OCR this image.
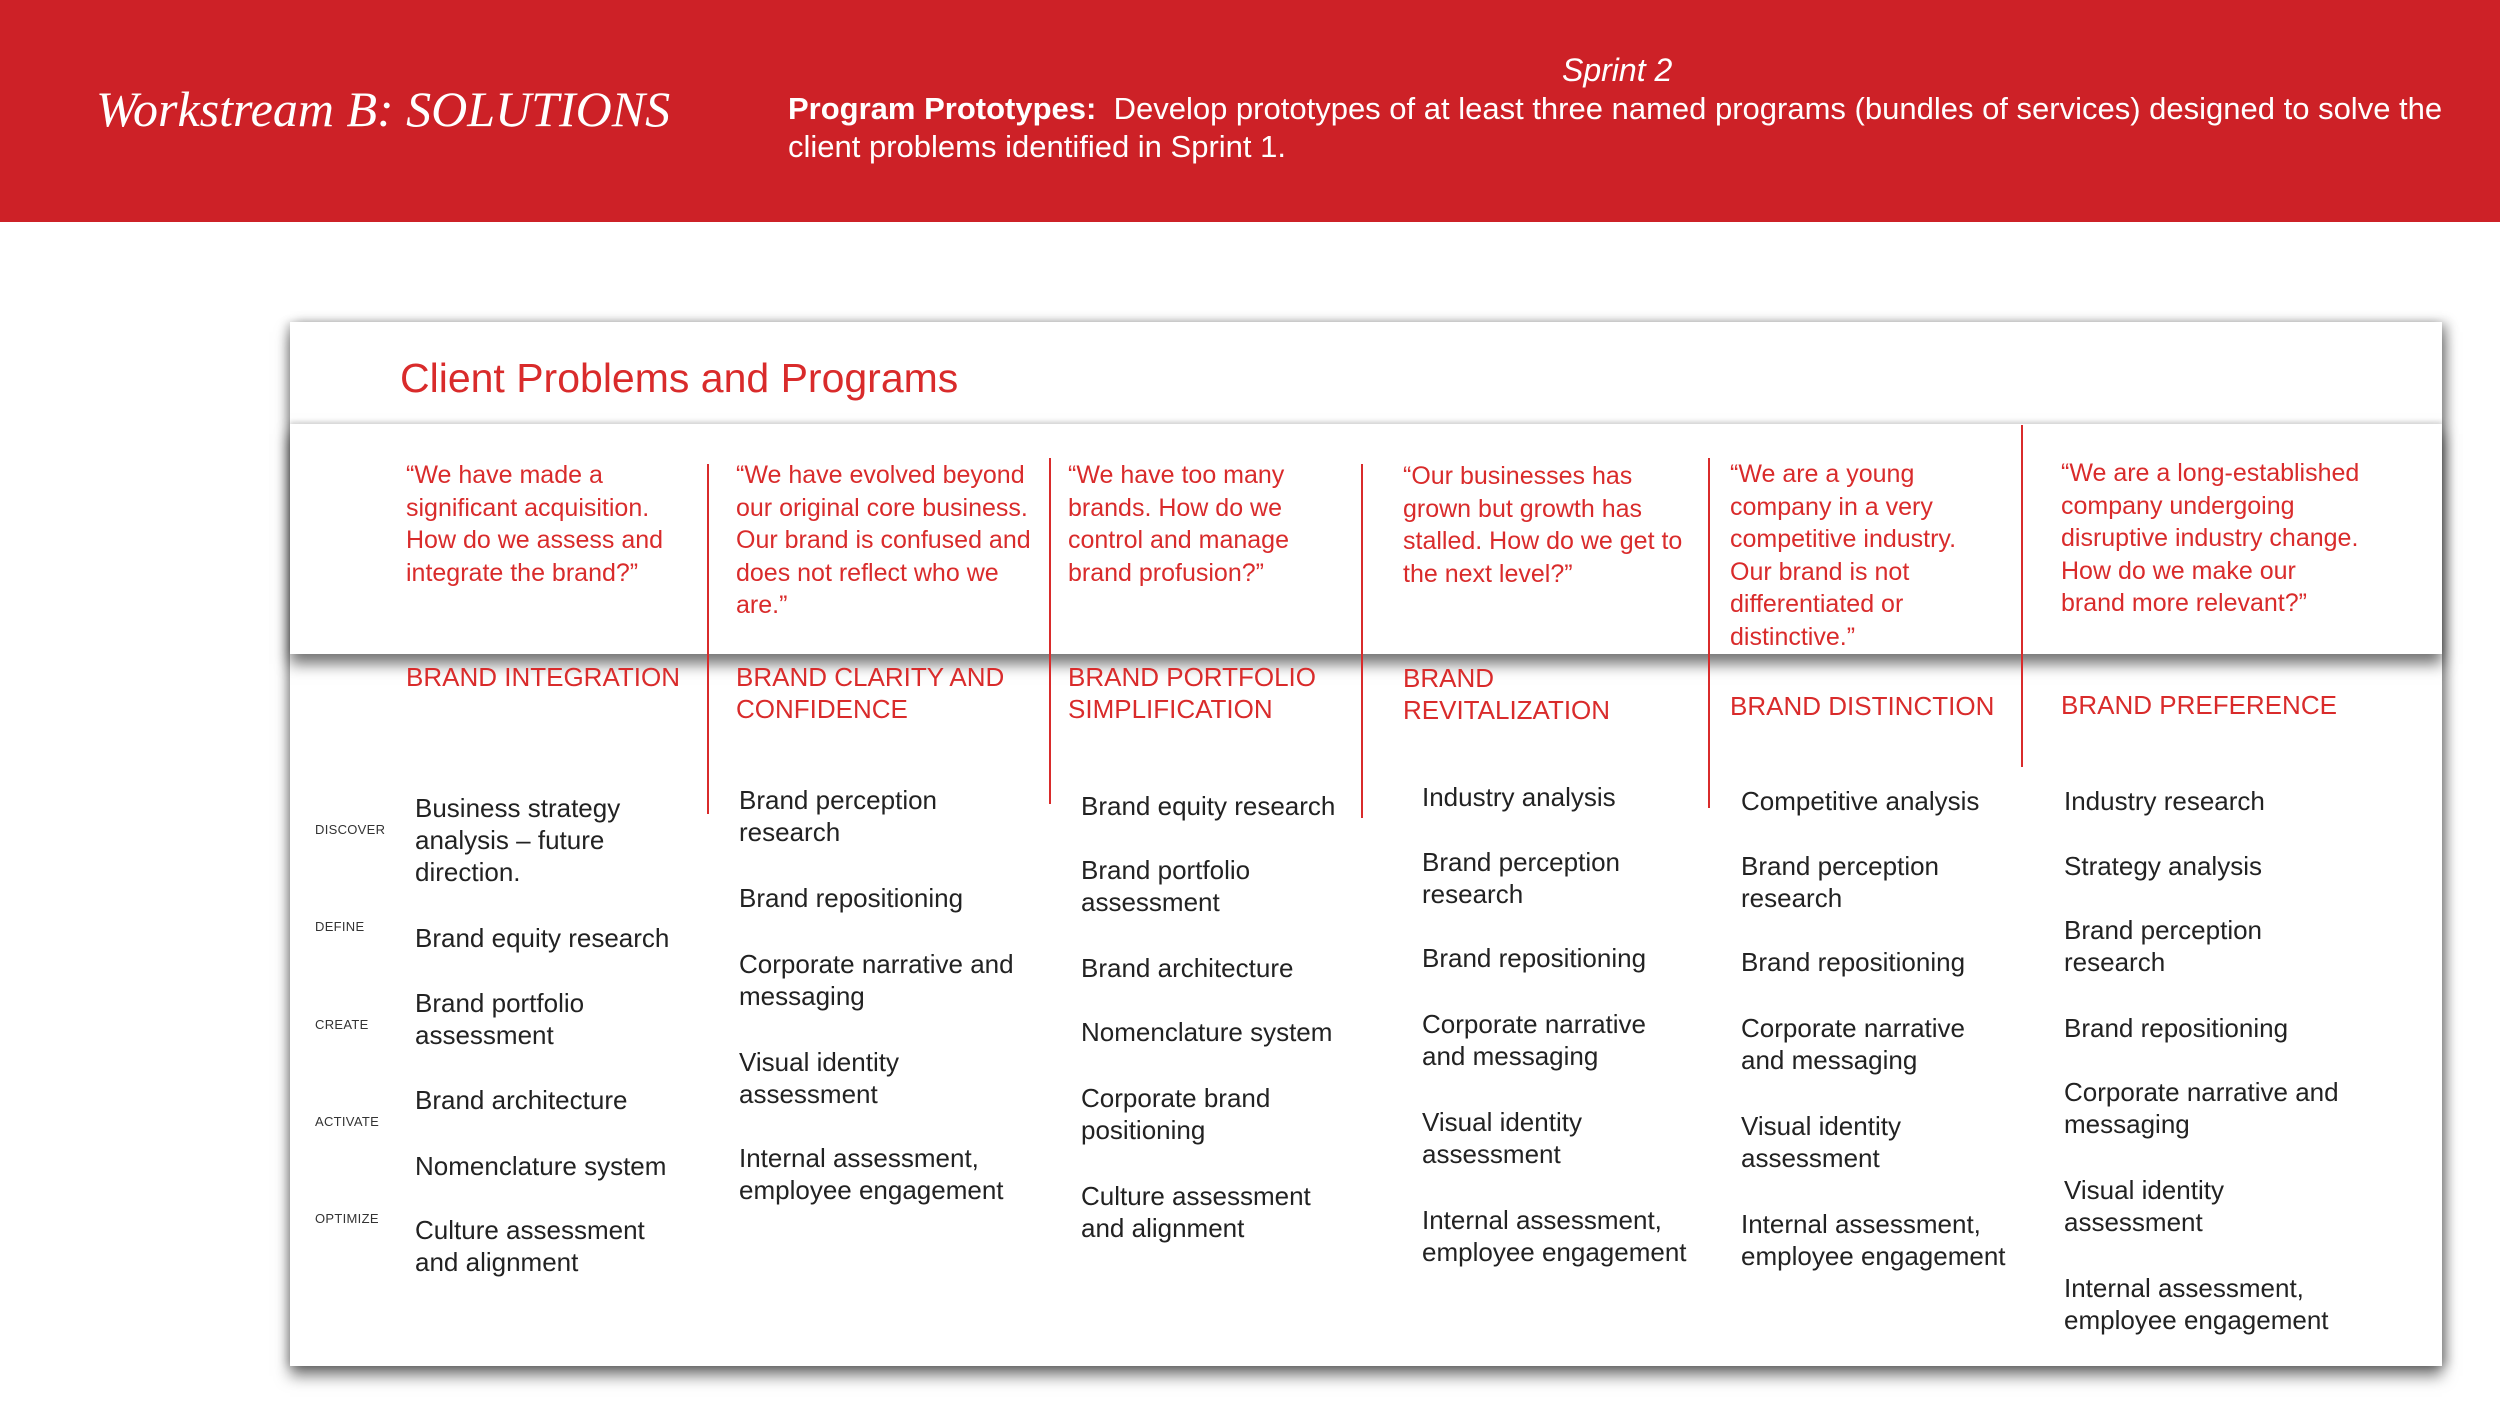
Workstream B: SOLUTIONS
Sprint 2
Program Prototypes: Develop prototypes of at least three named programs (bundles of services) designed to solve the client problems identified in Sprint 1.
Client Problems and Programs
DISCOVER
DEFINE
CREATE
ACTIVATE
OPTIMIZE
“We have made a significant acquisition. How do we assess and integrate the brand?”
BRAND INTEGRATION
Business strategy analysis – future direction.
Brand equity research
Brand portfolio assessment
Brand architecture
Nomenclature system
Culture assessment and alignment
“We have evolved beyond our original core business. Our brand is confused and does not reflect who we are.”
BRAND CLARITY AND CONFIDENCE
Brand perception research
Brand repositioning
Corporate narrative and messaging
Visual identity assessment
Internal assessment, employee engagement
“We have too many brands. How do we control and manage brand profusion?”
BRAND PORTFOLIO SIMPLIFICATION
Brand equity research
Brand portfolio assessment
Brand architecture
Nomenclature system
Corporate brand positioning
Culture assessment and alignment
“Our businesses has grown but growth has stalled. How do we get to the next level?”
BRAND REVITALIZATION
Industry analysis
Brand perception research
Brand repositioning
Corporate narrative and messaging
Visual identity assessment
Internal assessment, employee engagement
“We are a young company in a very competitive industry. Our brand is not differentiated or distinctive.”
BRAND DISTINCTION
Competitive analysis
Brand perception research
Brand repositioning
Corporate narrative and messaging
Visual identity assessment
Internal assessment, employee engagement
“We are a long-established company undergoing disruptive industry change. How do we make our brand more relevant?”
BRAND PREFERENCE
Industry research
Strategy analysis
Brand perception research
Brand repositioning
Corporate narrative and messaging
Visual identity assessment
Internal assessment, employee engagement
